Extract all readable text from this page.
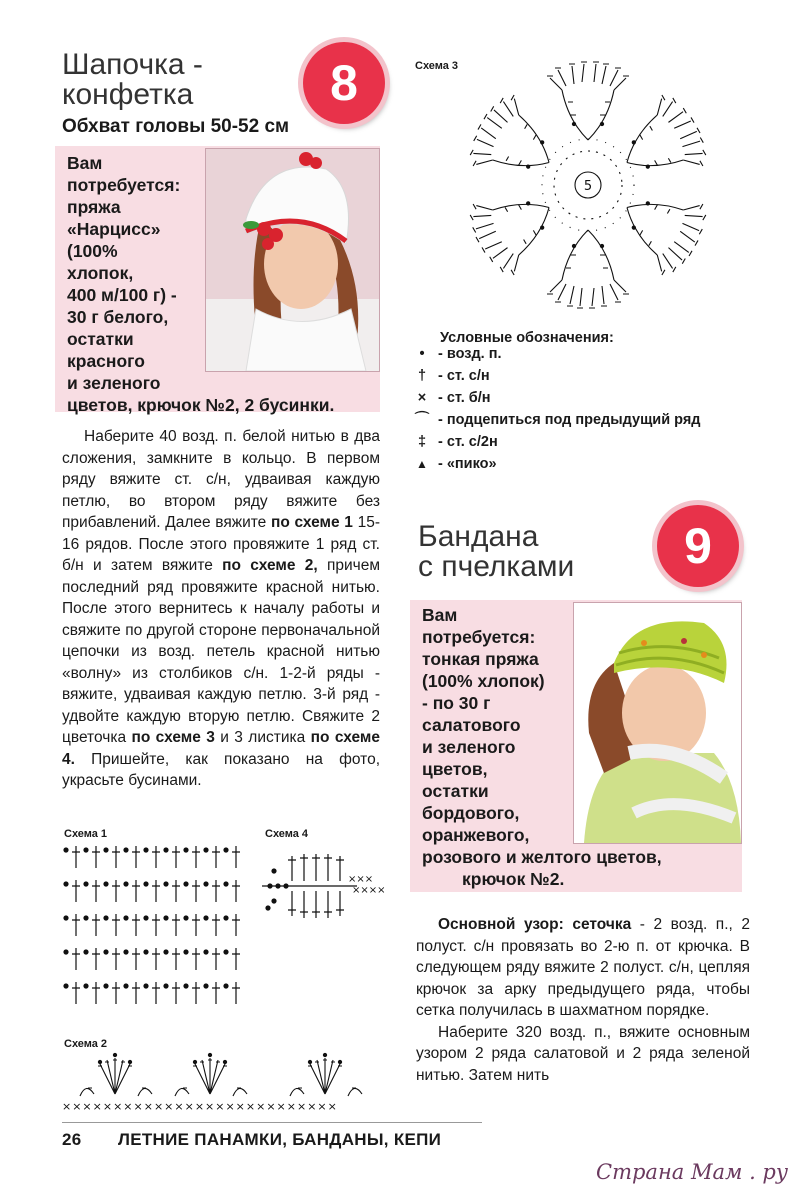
Шапочка -
конфетка	8
Обхват головы 50-52 см
Вам
потребуется:
пряжа
«Нарцисс»
(100%
хлопок,
400 м/100 г) -
30 г белого,
остатки
красного
и зеленого
цветов, крючок №2, 2 бусинки.

Наберите 40 возд. п. белой нитью в два сложения, замкните в кольцо. В первом ряду вяжите ст. с/н, удваивая каждую петлю, во втором ряду вяжите без прибавлений. Далее вяжите по схеме 1 15-16 рядов. После этого провяжите 1 ряд ст. б/н и затем вяжите по схеме 2, причем последний ряд провяжите красной нитью. После этого вернитесь к началу работы и свяжите по другой стороне первоначальной цепочки из возд. петель красной нитью «волну» из столбиков с/н. 1-2-й ряды - вяжите, удваивая каждую петлю. 3-й ряд - удвойте каждую вторую петлю. Свяжите 2 цветочка по схеме 3 и 3 листика по схеме 4. Пришейте, как показано на фото, украсьте бусинами.

Схема 1	Схема 4
Схема 2
×××
××××
×××××××××××××××××××××××××××
Схема 3
5
Условные обозначения:
• - возд. п.
† - ст. с/н
× - ст. б/н
⌒ - подцепиться под предыдущий ряд
‡ - ст. с/2н
▲ - «пико»
Бандана
с пчелками	9
Вам
потребуется:
тонкая пряжа
(100% хлопок)
- по 30 г
салатового
и зеленого
цветов,
остатки
бордового,
оранжевого,
розового и желтого цветов,
крючок №2.

Основной узор: сеточка - 2 возд. п., 2 полуст. с/н провязать во 2-ю п. от крючка. В следующем ряду вяжите 2 полуст. с/н, цепляя крючок за арку предыдущего ряда, чтобы сетка получилась в шахматном порядке.

Наберите 320 возд. п., вяжите основным узором 2 ряда салатовой и 2 ряда зеленой нитью. Затем нить

26 ЛЕТНИЕ ПАНАМКИ, БАНДАНЫ, КЕПИ
Страна Мам . ру
